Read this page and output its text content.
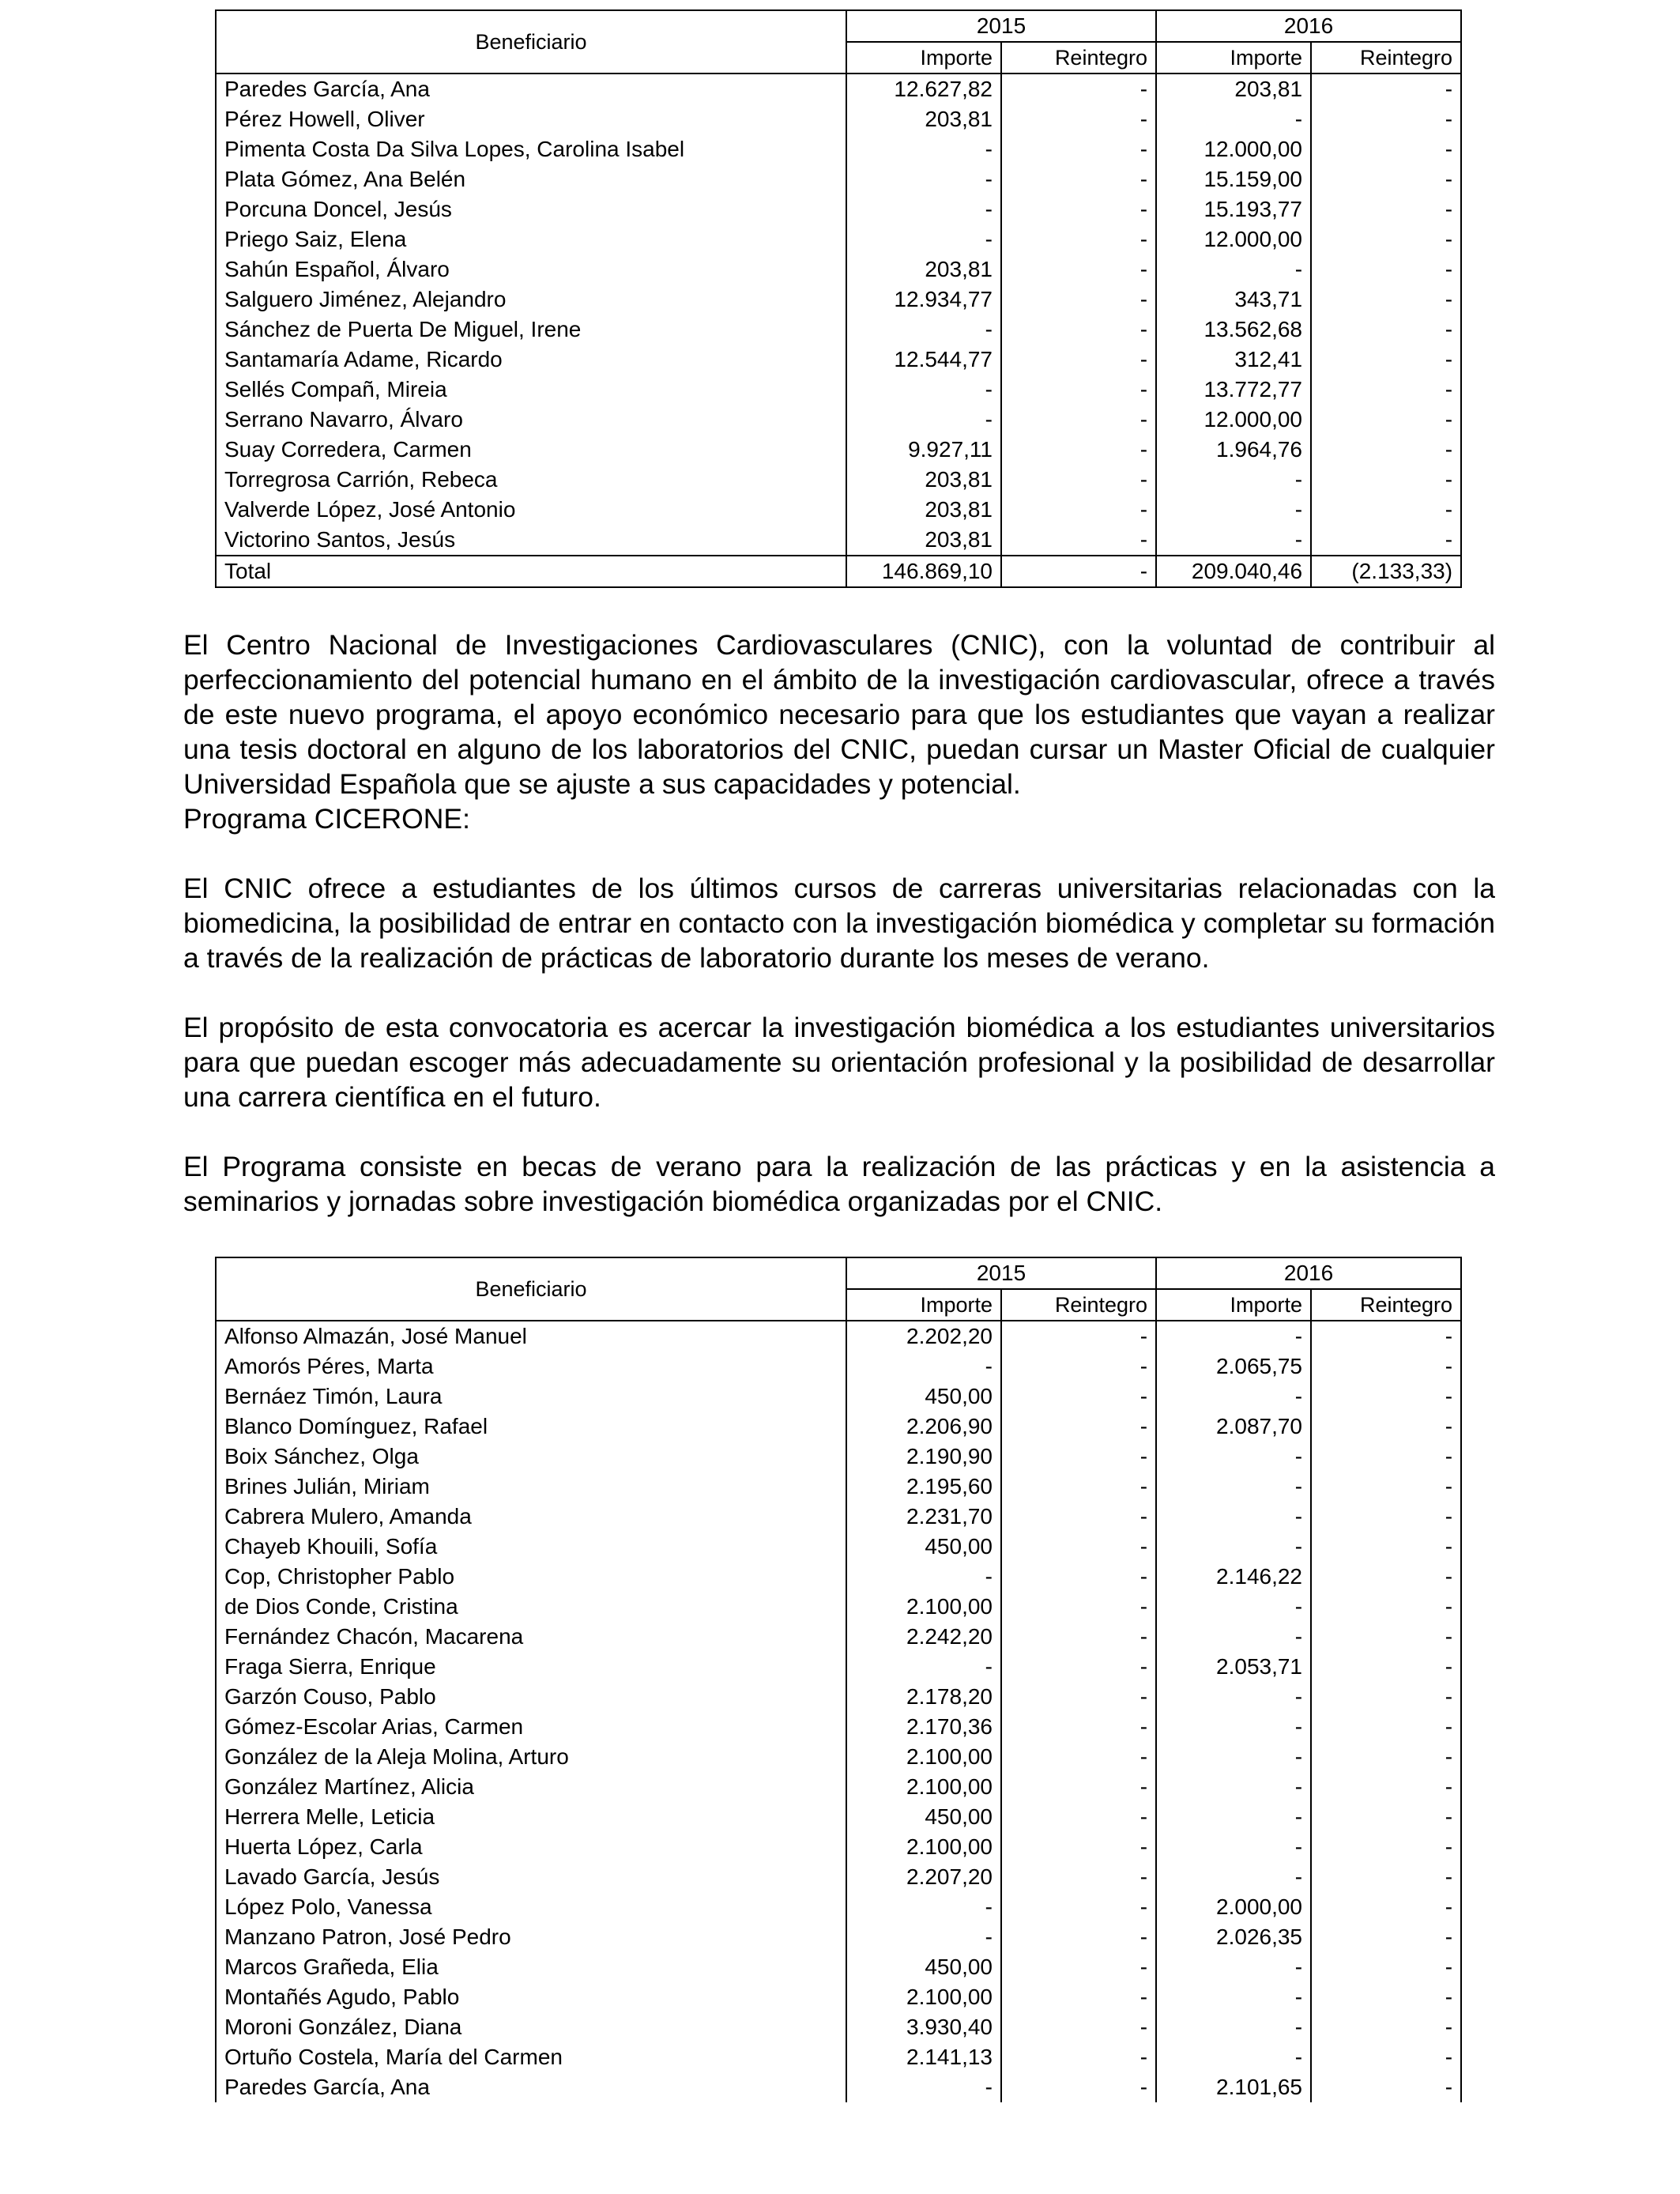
Beneficiario	2015		2016	
	Importe	Reintegro	Importe	Reintegro
Paredes García, Ana	12.627,82	-	203,81	-
Pérez Howell, Oliver	203,81	-	-	-
Pimenta Costa Da Silva Lopes, Carolina Isabel	-	-	12.000,00	-
Plata Gómez, Ana Belén	-	-	15.159,00	-
Porcuna Doncel, Jesús	-	-	15.193,77	-
Priego Saiz, Elena	-	-	12.000,00	-
Sahún Español, Álvaro	203,81	-	-	-
Salguero Jiménez, Alejandro	12.934,77	-	343,71	-
Sánchez de Puerta De Miguel, Irene	-	-	13.562,68	-
Santamaría Adame, Ricardo	12.544,77	-	312,41	-
Sellés Compañ, Mireia	-	-	13.772,77	-
Serrano Navarro, Álvaro	-	-	12.000,00	-
Suay Corredera, Carmen	9.927,11	-	1.964,76	-
Torregrosa Carrión, Rebeca	203,81	-	-	-
Valverde López, José Antonio	203,81	-	-	-
Victorino Santos, Jesús	203,81	-	-	-
Total	146.869,10	-	209.040,46	(2.133,33)

El Centro Nacional de Investigaciones Cardiovasculares (CNIC), con la voluntad de contribuir al perfeccionamiento del potencial humano en el ámbito de la investigación cardiovascular, ofrece a través de este nuevo programa, el apoyo económico necesario para que los estudiantes que vayan a realizar una tesis doctoral en alguno de los laboratorios del CNIC, puedan cursar un Master Oficial de cualquier Universidad Española que se ajuste a sus capacidades y potencial.

Programa CICERONE:

El CNIC ofrece a estudiantes de los últimos cursos de carreras universitarias relacionadas con la biomedicina, la posibilidad de entrar en contacto con la investigación biomédica y completar su formación a través de la realización de prácticas de laboratorio durante los meses de verano.

El propósito de esta convocatoria es acercar la investigación biomédica a los estudiantes universitarios para que puedan escoger más adecuadamente su orientación profesional y la posibilidad de desarrollar una carrera científica en el futuro.

El Programa consiste en becas de verano para la realización de las prácticas y en la asistencia a seminarios y jornadas sobre investigación biomédica organizadas por el CNIC.

Beneficiario	2015		2016	
	Importe	Reintegro	Importe	Reintegro
Alfonso Almazán, José Manuel	2.202,20	-	-	-
Amorós Péres, Marta	-	-	2.065,75	-
Bernáez Timón, Laura	450,00	-	-	-
Blanco Domínguez, Rafael	2.206,90	-	2.087,70	-
Boix Sánchez, Olga	2.190,90	-	-	-
Brines Julián, Miriam	2.195,60	-	-	-
Cabrera Mulero, Amanda	2.231,70	-	-	-
Chayeb Khouili, Sofía	450,00	-	-	-
Cop, Christopher Pablo	-	-	2.146,22	-
de Dios Conde, Cristina	2.100,00	-	-	-
Fernández Chacón, Macarena	2.242,20	-	-	-
Fraga Sierra, Enrique	-	-	2.053,71	-
Garzón Couso, Pablo	2.178,20	-	-	-
Gómez-Escolar Arias, Carmen	2.170,36	-	-	-
González de la Aleja Molina, Arturo	2.100,00	-	-	-
González Martínez, Alicia	2.100,00	-	-	-
Herrera Melle, Leticia	450,00	-	-	-
Huerta López, Carla	2.100,00	-	-	-
Lavado García, Jesús	2.207,20	-	-	-
López Polo, Vanessa	-	-	2.000,00	-
Manzano Patron, José Pedro	-	-	2.026,35	-
Marcos Grañeda, Elia	450,00	-	-	-
Montañés Agudo, Pablo	2.100,00	-	-	-
Moroni González, Diana	3.930,40	-	-	-
Ortuño Costela, María del Carmen	2.141,13	-	-	-
Paredes García, Ana	-	-	2.101,65	-
